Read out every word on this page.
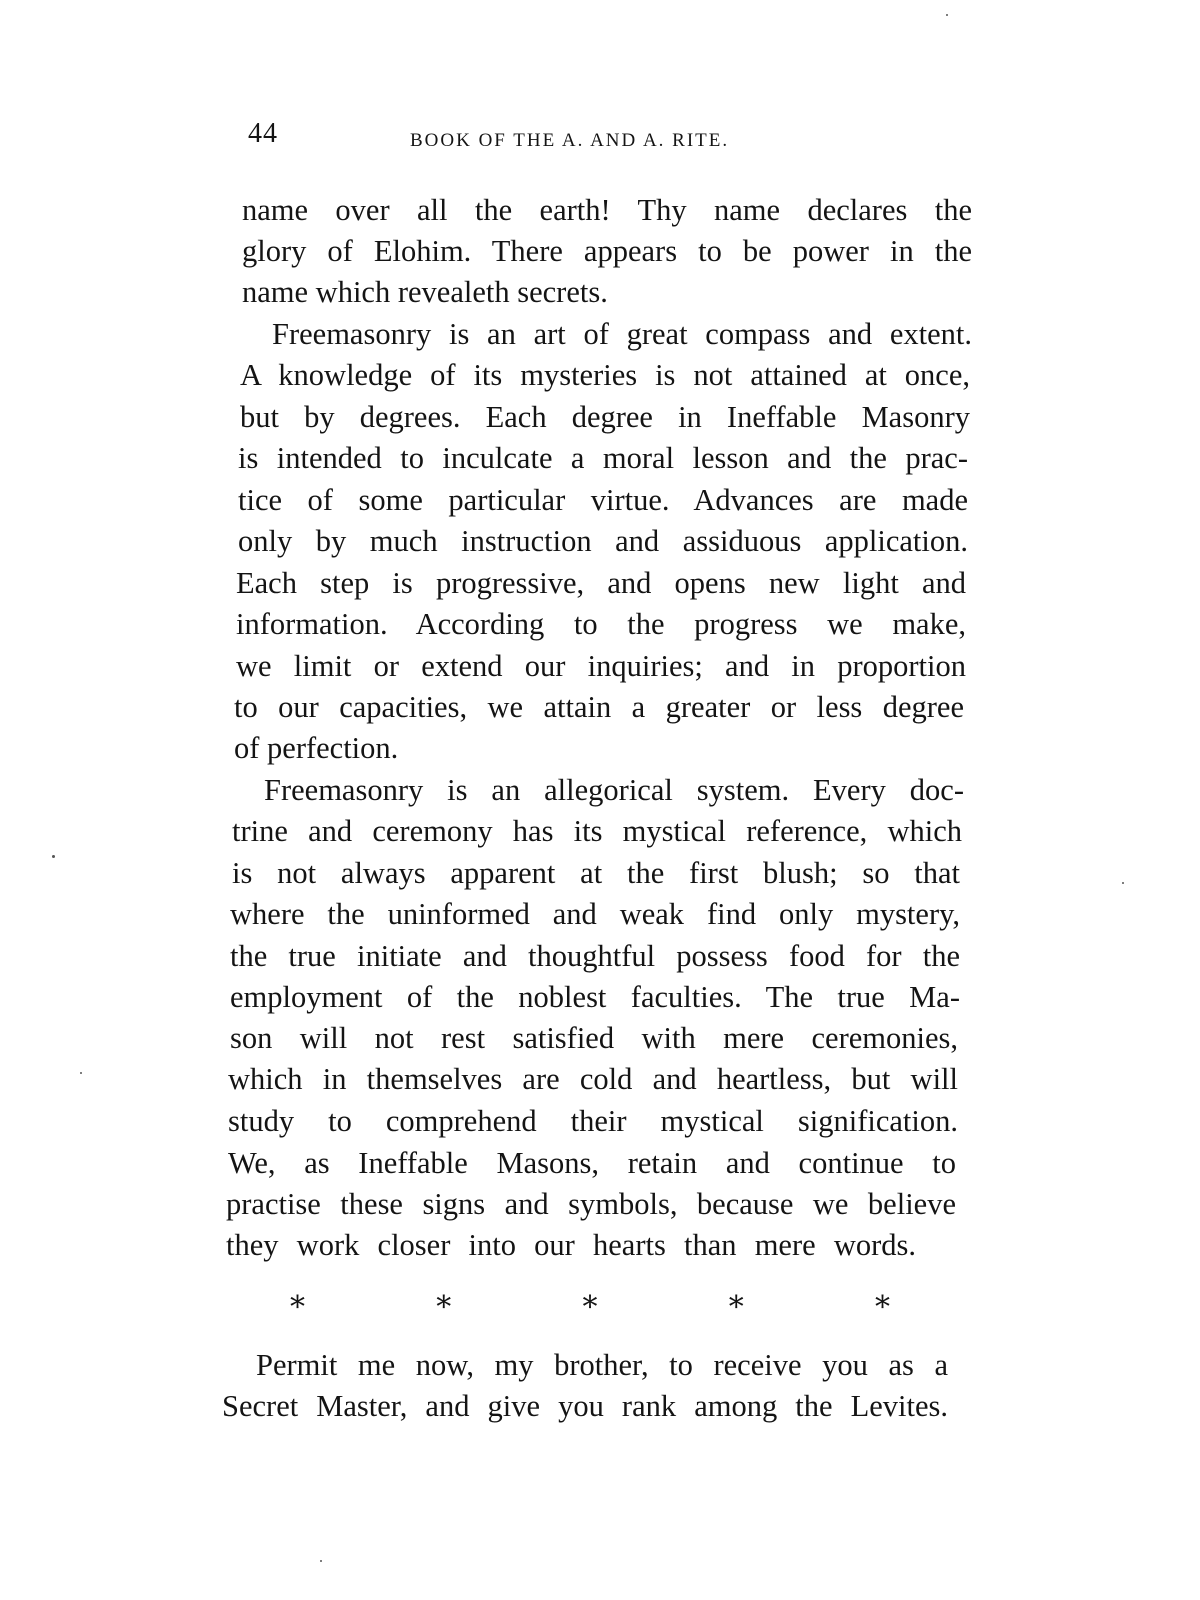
44	BOOK OF THE A. AND A. RITE.
name over all the earth! Thy name declares the
glory of Elohim. There appears to be power in the
name which revealeth secrets.
Freemasonry is an art of great compass and extent.
A knowledge of its mysteries is not attained at once,
but by degrees. Each degree in Ineffable Masonry
is intended to inculcate a moral lesson and the prac-
tice of some particular virtue. Advances are made
only by much instruction and assiduous application.
Each step is progressive, and opens new light and
information. According to the progress we make,
we limit or extend our inquiries; and in proportion
to our capacities, we attain a greater or less degree
of perfection.
Freemasonry is an allegorical system. Every doc-
trine and ceremony has its mystical reference, which
is not always apparent at the first blush; so that
where the uninformed and weak find only mystery,
the true initiate and thoughtful possess food for the
employment of the noblest faculties. The true Ma-
son will not rest satisfied with mere ceremonies,
which in themselves are cold and heartless, but will
study to comprehend their mystical signification.
We, as Ineffable Masons, retain and continue to
practise these signs and symbols, because we believe
they work closer into our hearts than mere words.
*	*	*	*	*
Permit me now, my brother, to receive you as a
Secret Master, and give you rank among the Levites.
